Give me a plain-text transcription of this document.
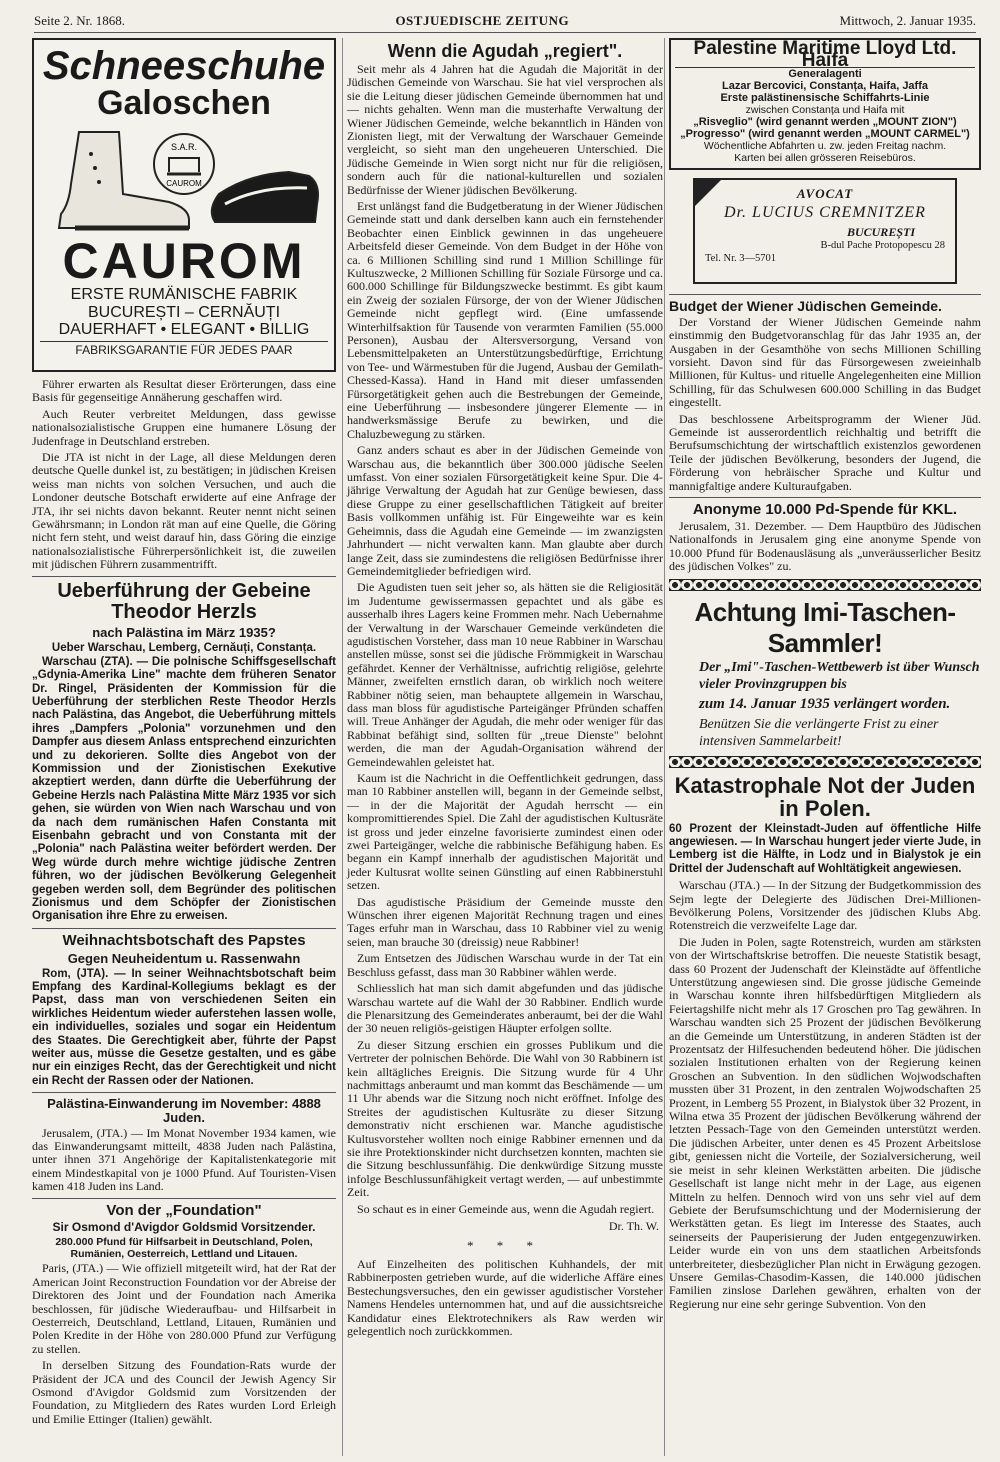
Seite 2. Nr. 1868.	OSTJUEDISCHE ZEITUNG	Mittwoch, 2. Januar 1935.
Schneeschuhe
Galoschen
S.A.R.
CAUROM
CAUROM
ERSTE RUMÄNISCHE FABRIK
BUCUREȘTI – CERNĂUȚI
DAUERHAFT • ELEGANT • BILLIG
FABRIKSGARANTIE FÜR JEDES PAAR

Führer erwarten als Resultat dieser Erörterungen, dass eine Basis für gegenseitige Annäherung geschaffen wird.

Auch Reuter verbreitet Meldungen, dass gewisse nationalsozialistische Gruppen eine humanere Lösung der Judenfrage in Deutschland erstreben.

Die JTA ist nicht in der Lage, all diese Meldungen deren deutsche Quelle dunkel ist, zu bestätigen; in jüdischen Kreisen weiss man nichts von solchen Versuchen, und auch die Londoner deutsche Botschaft erwiderte auf eine Anfrage der JTA, ihr sei nichts davon bekannt. Reuter nennt nicht seinen Gewährsmann; in London rät man auf eine Quelle, die Göring nicht fern steht, und weist darauf hin, dass Göring die einzige nationalsozialistische Führerpersönlichkeit ist, die zuweilen mit jüdischen Führern zusammentrifft.

Ueberführung der Gebeine Theodor Herzls
nach Palästina im März 1935?
Ueber Warschau, Lemberg, Cernăuți, Constanța.

Warschau (ZTA). — Die polnische Schiffsgesellschaft „Gdynia-Amerika Line" machte dem früheren Senator Dr. Ringel, Präsidenten der Kommission für die Ueberführung der sterblichen Reste Theodor Herzls nach Palästina, das Angebot, die Ueberführung mittels ihres „Dampfers „Polonia" vorzunehmen und den Dampfer aus diesem Anlass entsprechend einzurichten und zu dekorieren. Sollte dies Angebot von der Kommission und der Zionistischen Exekutive akzeptiert werden, dann dürfte die Ueberführung der Gebeine Herzls nach Palästina Mitte März 1935 vor sich gehen, sie würden von Wien nach Warschau und von da nach dem rumänischen Hafen Constanta mit Eisenbahn gebracht und von Constanta mit der „Polonia" nach Palästina weiter befördert werden. Der Weg würde durch mehre wichtige jüdische Zentren führen, wo der jüdischen Bevölkerung Gelegenheit gegeben werden soll, dem Begründer des politischen Zionismus und dem Schöpfer der Zionistischen Organisation ihre Ehre zu erweisen.

Weihnachtsbotschaft des Papstes
Gegen Neuheidentum u. Rassenwahn

Rom, (JTA). — In seiner Weihnachtsbotschaft beim Empfang des Kardinal-Kollegiums beklagt es der Papst, dass man von verschiedenen Seiten ein wirkliches Heidentum wieder auferstehen lassen wolle, ein individuelles, soziales und sogar ein Heidentum des Staates. Die Gerechtigkeit aber, führte der Papst weiter aus, müsse die Gesetze gestalten, und es gäbe nur ein einziges Recht, das der Gerechtigkeit und nicht ein Recht der Rassen oder der Nationen.

Palästina-Einwanderung im November: 4888 Juden.

Jerusalem, (JTA.) — Im Monat November 1934 kamen, wie das Einwanderungsamt mitteilt, 4838 Juden nach Palästina, unter ihnen 371 Angehörige der Kapitalistenkategorie mit einem Mindestkapital von je 1000 Pfund. Auf Touristen-Visen kamen 418 Juden ins Land.

Von der „Foundation"
Sir Osmond d'Avigdor Goldsmid Vorsitzender.
280.000 Pfund für Hilfsarbeit in Deutschland, Polen, Rumänien, Oesterreich, Lettland und Litauen.

Paris, (JTA.) — Wie offiziell mitgeteilt wird, hat der Rat der American Joint Reconstruction Foundation vor der Abreise der Direktoren des Joint und der Foundation nach Amerika beschlossen, für jüdische Wiederaufbau- und Hilfsarbeit in Oesterreich, Deutschland, Lettland, Litauen, Rumänien und Polen Kredite in der Höhe von 280.000 Pfund zur Verfügung zu stellen.

In derselben Sitzung des Foundation-Rats wurde der Präsident der JCA und des Council der Jewish Agency Sir Osmond d'Avigdor Goldsmid zum Vorsitzenden der Foundation, zu Mitgliedern des Rates wurden Lord Erleigh und Emilie Ettinger (Italien) gewählt.

Wenn die Agudah „regiert".

Seit mehr als 4 Jahren hat die Agudah die Majorität in der Jüdischen Gemeinde von Warschau. Sie hat viel versprochen als sie die Leitung dieser jüdischen Gemeinde übernommen hat und — nichts gehalten. Wenn man die musterhafte Verwaltung der Wiener Jüdischen Gemeinde, welche bekanntlich in Händen von Zionisten liegt, mit der Verwaltung der Warschauer Gemeinde vergleicht, so sieht man den ungeheueren Unterschied. Die Jüdische Gemeinde in Wien sorgt nicht nur für die religiösen, sondern auch für die national-kulturellen und sozialen Bedürfnisse der Wiener jüdischen Bevölkerung.

Erst unlängst fand die Budgetberatung in der Wiener Jüdischen Gemeinde statt und dank derselben kann auch ein fernstehender Beobachter einen Einblick gewinnen in das ungeheuere Arbeitsfeld dieser Gemeinde. Von dem Budget in der Höhe von ca. 6 Millionen Schilling sind rund 1 Million Schillinge für Kultuszwecke, 2 Millionen Schilling für Soziale Fürsorge und ca. 600.000 Schillinge für Bildungszwecke bestimmt. Es gibt kaum ein Zweig der sozialen Fürsorge, der von der Wiener Jüdischen Gemeinde nicht gepflegt wird. (Eine umfassende Winterhilfsaktion für Tausende von verarmten Familien (55.000 Personen), Ausbau der Altersversorgung, Versand von Lebensmittelpaketen an Unterstützungsbedürftige, Errichtung von Tee- und Wärmestuben für die Jugend, Ausbau der Gemilath-Chessed-Kassa). Hand in Hand mit dieser umfassenden Fürsorgetätigkeit gehen auch die Bestrebungen der Gemeinde, eine Ueberführung — insbesondere jüngerer Elemente — in handwerksmässige Berufe zu bewirken, und die Chaluzbewegung zu stärken.

Ganz anders schaut es aber in der Jüdischen Gemeinde von Warschau aus, die bekanntlich über 300.000 jüdische Seelen umfasst. Von einer sozialen Fürsorgetätigkeit keine Spur. Die 4-jährige Verwaltung der Agudah hat zur Genüge bewiesen, dass diese Gruppe zu einer gesellschaftlichen Tätigkeit auf breiter Basis vollkommen unfähig ist. Für Eingeweihte war es kein Geheimnis, dass die Agudah eine Gemeinde — im zwanzigsten Jahrhundert — nicht verwalten kann. Man glaubte aber durch lange Zeit, dass sie zumindestens die religiösen Bedürfnisse ihrer Gemeindemitglieder befriedigen wird.

Die Agudisten tuen seit jeher so, als hätten sie die Religiosität im Judentume gewissermassen gepachtet und als gäbe es ausserhalb ihres Lagers keine Frommen mehr. Nach Uebernahme der Verwaltung in der Warschauer Gemeinde verkündeten die agudistischen Vorsteher, dass man 10 neue Rabbiner in Warschau anstellen müsse, sonst sei die jüdische Frömmigkeit in Warschau gefährdet. Kenner der Verhältnisse, aufrichtig religiöse, gelehrte Männer, zweifelten ernstlich daran, ob wirklich noch weitere Rabbiner nötig seien, man behauptete allgemein in Warschau, dass man bloss für agudistische Parteigänger Pfründen schaffen will. Treue Anhänger der Agudah, die mehr oder weniger für das Rabbinat befähigt sind, sollten für „treue Dienste" belohnt werden, die man der Agudah-Organisation während der Gemeindewahlen geleistet hat.

Kaum ist die Nachricht in die Oeffentlichkeit gedrungen, dass man 10 Rabbiner anstellen will, begann in der Gemeinde selbst, — in der die Majorität der Agudah herrscht — ein kompromittierendes Spiel. Die Zahl der agudistischen Kultusräte ist gross und jeder einzelne favorisierte zumindest einen oder zwei Parteigänger, welche die rabbinische Befähigung haben. Es begann ein Kampf innerhalb der agudistischen Majorität und jeder Kultusrat wollte seinen Günstling auf einen Rabbinerstuhl setzen.

Das agudistische Präsidium der Gemeinde musste den Wünschen ihrer eigenen Majorität Rechnung tragen und eines Tages erfuhr man in Warschau, dass 10 Rabbiner viel zu wenig seien, man brauche 30 (dreissig) neue Rabbiner!

Zum Entsetzen des Jüdischen Warschau wurde in der Tat ein Beschluss gefasst, dass man 30 Rabbiner wählen werde.

Schliesslich hat man sich damit abgefunden und das jüdische Warschau wartete auf die Wahl der 30 Rabbiner. Endlich wurde die Plenarsitzung des Gemeinderates anberaumt, bei der die Wahl der 30 neuen religiös-geistigen Häupter erfolgen sollte.

Zu dieser Sitzung erschien ein grosses Publikum und die Vertreter der polnischen Behörde. Die Wahl von 30 Rabbinern ist kein alltägliches Ereignis. Die Sitzung wurde für 4 Uhr nachmittags anberaumt und man kommt das Beschämende — um 11 Uhr abends war die Sitzung noch nicht eröffnet. Infolge des Streites der agudistischen Kultusräte zu dieser Sitzung demonstrativ nicht erschienen war. Manche agudistische Kultusvorsteher wollten noch einige Rabbiner ernennen und da sie ihre Protektionskinder nicht durchsetzen konnten, machten sie die Sitzung beschlussunfähig. Die denkwürdige Sitzung musste infolge Beschlussunfähigkeit vertagt werden, — auf unbestimmte Zeit.

So schaut es in einer Gemeinde aus, wenn die Agudah regiert.

Dr. Th. W.
* * *

Auf Einzelheiten des politischen Kuhhandels, der mit Rabbinerposten getrieben wurde, auf die widerliche Affäre eines Bestechungsversuches, den ein gewisser agudistischer Vorsteher Namens Hendeles unternommen hat, und auf die aussichtsreiche Kandidatur eines Elektrotechnikers als Raw werden wir gelegentlich noch zurückkommen.

Palestine Maritime Lloyd Ltd. Haifa
Generalagenti
Lazar Bercovici, Constanța, Haifa, Jaffa
Erste palästinensische Schiffahrts-Linie
zwischen Constanța und Haifa mit
„Risveglio" (wird genannt werden „MOUNT ZION")
„Progresso" (wird genannt werden „MOUNT CARMEL")
Wöchentliche Abfahrten u. zw. jeden Freitag nachm.
Karten bei allen grösseren Reisebüros.
AVOCAT
Dr. LUCIUS CREMNITZER
BUCUREȘTI
B-dul Pache Protopopescu 28
Tel. Nr. 3—5701
Budget der Wiener Jüdischen Gemeinde.

Der Vorstand der Wiener Jüdischen Gemeinde nahm einstimmig den Budgetvoranschlag für das Jahr 1935 an, der Ausgaben in der Gesamthöhe von sechs Millionen Schilling vorsieht. Davon sind für das Fürsorgewesen zweieinhalb Millionen, für Kultus- und rituelle Angelegenheiten eine Million Schilling, für das Schulwesen 600.000 Schilling in das Budget eingestellt.

Das beschlossene Arbeitsprogramm der Wiener Jüd. Gemeinde ist ausserordentlich reichhaltig und betrifft die Berufsumschichtung der wirtschaftlich existenzlos gewordenen Teile der jüdischen Bevölkerung, besonders der Jugend, die Förderung von hebräischer Sprache und Kultur und mannigfaltige andere Kulturaufgaben.

Anonyme 10.000 Pd-Spende für KKL.

Jerusalem, 31. Dezember. — Dem Hauptbüro des Jüdischen Nationalfonds in Jerusalem ging eine anonyme Spende von 10.000 Pfund für Bodenausläsung als „unveräusserlicher Besitz des jüdischen Volkes" zu.

Achtung Imi-Taschen-Sammler!

Der „Imi"-Taschen-Wettbewerb ist über Wunsch vieler Provinzgruppen bis

zum 14. Januar 1935 verlängert worden.

Benützen Sie die verlängerte Frist zu einer intensiven Sammelarbeit!

Katastrophale Not der Juden in Polen.

60 Prozent der Kleinstadt-Juden auf öffentliche Hilfe angewiesen. — In Warschau hungert jeder vierte Jude, in Lemberg ist die Hälfte, in Lodz und in Bialystok je ein Drittel der Judenschaft auf Wohltätigkeit angewiesen.

Warschau (JTA.) — In der Sitzung der Budgetkommission des Sejm legte der Delegierte des Jüdischen Drei-Millionen-Bevölkerung Polens, Vorsitzender des jüdischen Klubs Abg. Rotenstreich die verzweifelte Lage dar.

Die Juden in Polen, sagte Rotenstreich, wurden am stärksten von der Wirtschaftskrise betroffen. Die neueste Statistik besagt, dass 60 Prozent der Judenschaft der Kleinstädte auf öffentliche Unterstützung angewiesen sind. Die grosse jüdische Gemeinde in Warschau konnte ihren hilfsbedürftigen Mitgliedern als Feiertagshilfe nicht mehr als 17 Groschen pro Tag gewähren. In Warschau wandten sich 25 Prozent der jüdischen Bevölkerung an die Gemeinde um Unterstützung, in anderen Städten ist der Prozentsatz der Hilfesuchenden bedeutend höher. Die jüdischen sozialen Institutionen erhalten von der Regierung keinen Groschen an Subvention. In den südlichen Wojwodschaften mussten über 31 Prozent, in den zentralen Wojwodschaften 25 Prozent, in Lemberg 55 Prozent, in Bialystok über 32 Prozent, in Wilna etwa 35 Prozent der jüdischen Bevölkerung während der letzten Pessach-Tage von den Gemeinden unterstützt werden. Die jüdischen Arbeiter, unter denen es 45 Prozent Arbeitslose gibt, geniessen nicht die Vorteile, der Sozialversicherung, weil sie meist in sehr kleinen Werkstätten arbeiten. Die jüdische Gesellschaft ist lange nicht mehr in der Lage, aus eigenen Mitteln zu helfen. Dennoch wird von uns sehr viel auf dem Gebiete der Berufsumschichtung und der Modernisierung der Werkstätten getan. Es liegt im Interesse des Staates, auch seinerseits der Pauperisierung der Juden entgegenzuwirken. Leider wurde ein von uns dem staatlichen Arbeitsfonds unterbreiteter, diesbezüglicher Plan nicht in Erwägung gezogen. Unsere Gemilas-Chasodim-Kassen, die 140.000 jüdischen Familien zinslose Darlehen gewähren, erhalten von der Regierung nur eine sehr geringe Subvention. Von den
